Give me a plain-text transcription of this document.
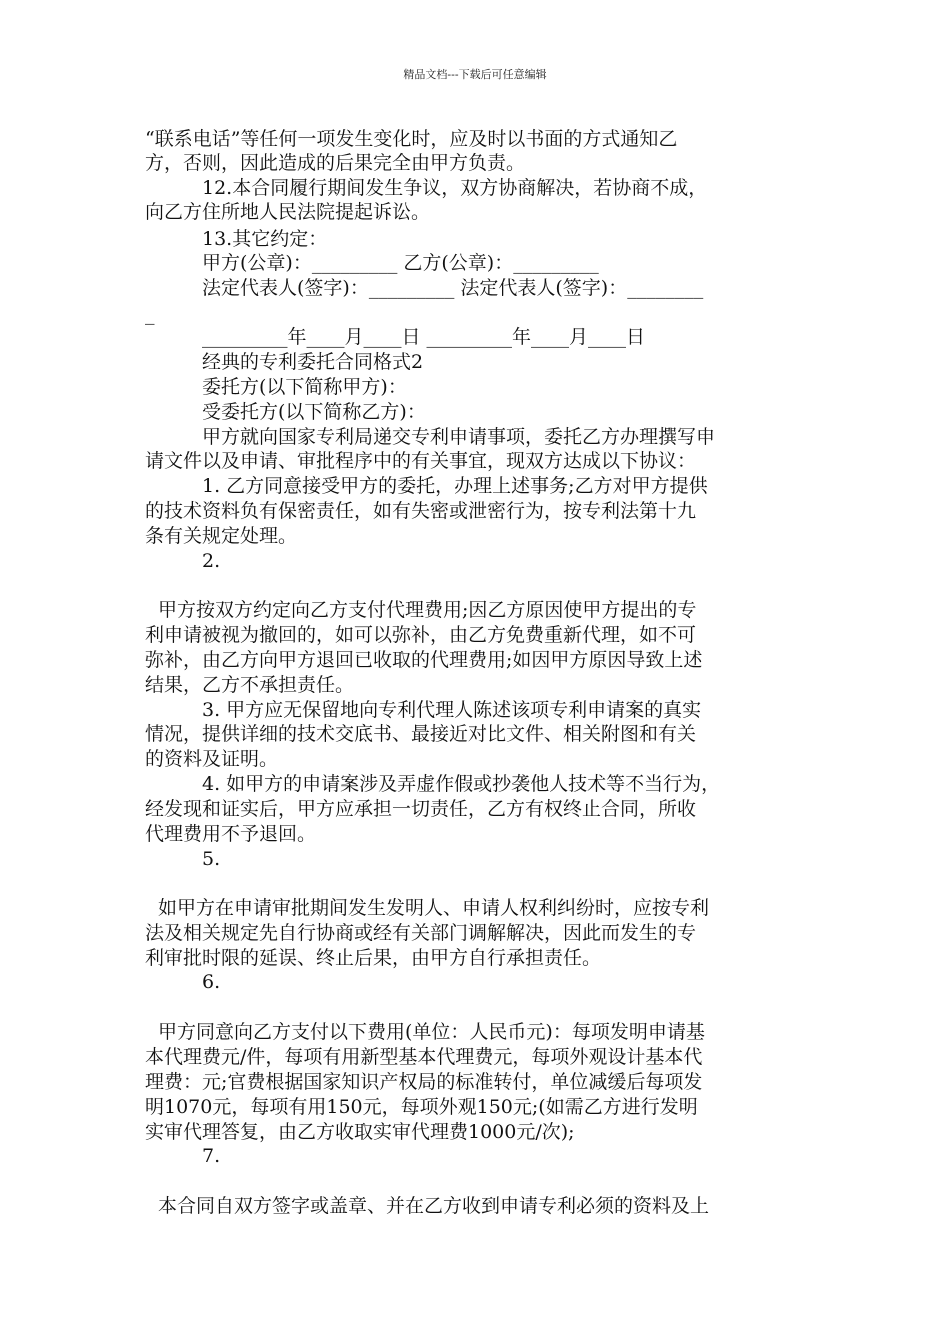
精品文档---下载后可任意编辑
“联系电话”等任何一项发生变化时，应及时以书面的方式通知乙
方，否则，因此造成的后果完全由甲方负责。
12.本合同履行期间发生争议，双方协商解决，若协商不成，
向乙方住所地人民法院提起诉讼。
13.其它约定：
甲方(公章)：_________ 乙方(公章)：_________
法定代表人(签字)：_________ 法定代表人(签字)：________
_
_________年____月____日 _________年____月____日
经典的专利委托合同格式2
委托方(以下简称甲方)：
受委托方(以下简称乙方)：
甲方就向国家专利局递交专利申请事项，委托乙方办理撰写申
请文件以及申请、审批程序中的有关事宜，现双方达成以下协议：
1. 乙方同意接受甲方的委托，办理上述事务;乙方对甲方提供
的技术资料负有保密责任，如有失密或泄密行为，按专利法第十九
条有关规定处理。
2.
甲方按双方约定向乙方支付代理费用;因乙方原因使甲方提出的专
利申请被视为撤回的，如可以弥补，由乙方免费重新代理，如不可
弥补，由乙方向甲方退回已收取的代理费用;如因甲方原因导致上述
结果，乙方不承担责任。
3. 甲方应无保留地向专利代理人陈述该项专利申请案的真实
情况，提供详细的技术交底书、最接近对比文件、相关附图和有关
的资料及证明。
4. 如甲方的申请案涉及弄虚作假或抄袭他人技术等不当行为，
经发现和证实后，甲方应承担一切责任，乙方有权终止合同，所收
代理费用不予退回。
5.
如甲方在申请审批期间发生发明人、申请人权利纠纷时，应按专利
法及相关规定先自行协商或经有关部门调解解决，因此而发生的专
利审批时限的延误、终止后果，由甲方自行承担责任。
6.
甲方同意向乙方支付以下费用(单位：人民币元)：每项发明申请基
本代理费元/件，每项有用新型基本代理费元，每项外观设计基本代
理费：元;官费根据国家知识产权局的标准转付，单位减缓后每项发
明1070元，每项有用150元，每项外观150元;(如需乙方进行发明
实审代理答复，由乙方收取实审代理费1000元/次);
7.
本合同自双方签字或盖章、并在乙方收到申请专利必须的资料及上
